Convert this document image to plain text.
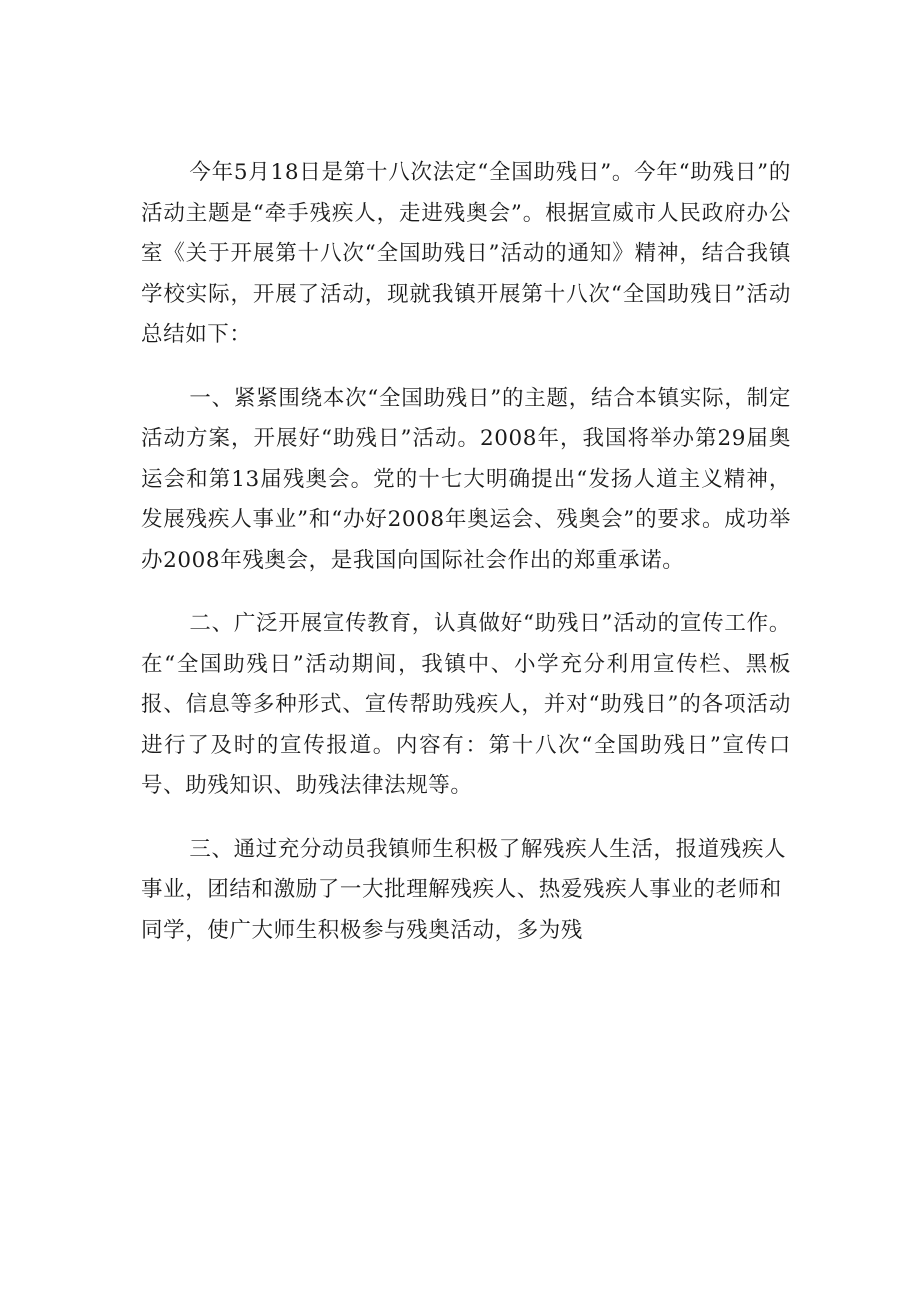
今年5月18日是第十八次法定“全国助残日”。今年“助残日”的活动主题是“牵手残疾人，走进残奥会”。根据宣威市人民政府办公室《关于开展第十八次“全国助残日”活动的通知》精神，结合我镇学校实际，开展了活动，现就我镇开展第十八次“全国助残日”活动总结如下：

一、紧紧围绕本次“全国助残日”的主题，结合本镇实际，制定活动方案，开展好“助残日”活动。2008年，我国将举办第29届奥运会和第13届残奥会。党的十七大明确提出“发扬人道主义精神，发展残疾人事业”和“办好2008年奥运会、残奥会”的要求。成功举办2008年残奥会，是我国向国际社会作出的郑重承诺。

二、广泛开展宣传教育，认真做好“助残日”活动的宣传工作。在“全国助残日”活动期间，我镇中、小学充分利用宣传栏、黑板报、信息等多种形式、宣传帮助残疾人，并对“助残日”的各项活动进行了及时的宣传报道。内容有：第十八次“全国助残日”宣传口号、助残知识、助残法律法规等。

三、通过充分动员我镇师生积极了解残疾人生活，报道残疾人事业，团结和激励了一大批理解残疾人、热爱残疾人事业的老师和同学，使广大师生积极参与残奥活动，多为残
